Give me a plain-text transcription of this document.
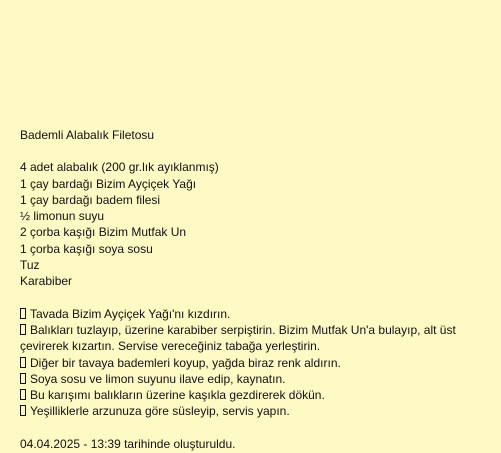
Bademli Alabalık Filetosu
4 adet alabalık (200 gr.lık ayıklanmış)
1 çay bardağı Bizim Ayçiçek Yağı
1 çay bardağı badem filesi
½ limonun suyu
2 çorba kaşığı Bizim Mutfak Un
1 çorba kaşığı soya sosu
Tuz
Karabiber
Tavada Bizim Ayçiçek Yağı'nı kızdırın.
Balıkları tuzlayıp, üzerine karabiber serpiştirin. Bizim Mutfak Un'a bulayıp, alt üst çevirerek kızartın. Servise vereceğiniz tabağa yerleştirin.
Diğer bir tavaya bademleri koyup, yağda biraz renk aldırın.
Soya sosu ve limon suyunu ilave edip, kaynatın.
Bu karışımı balıkların üzerine kaşıkla gezdirerek dökün.
Yeşilliklerle arzunuza göre süsleyip, servis yapın.
04.04.2025 - 13:39 tarihinde oluşturuldu.
